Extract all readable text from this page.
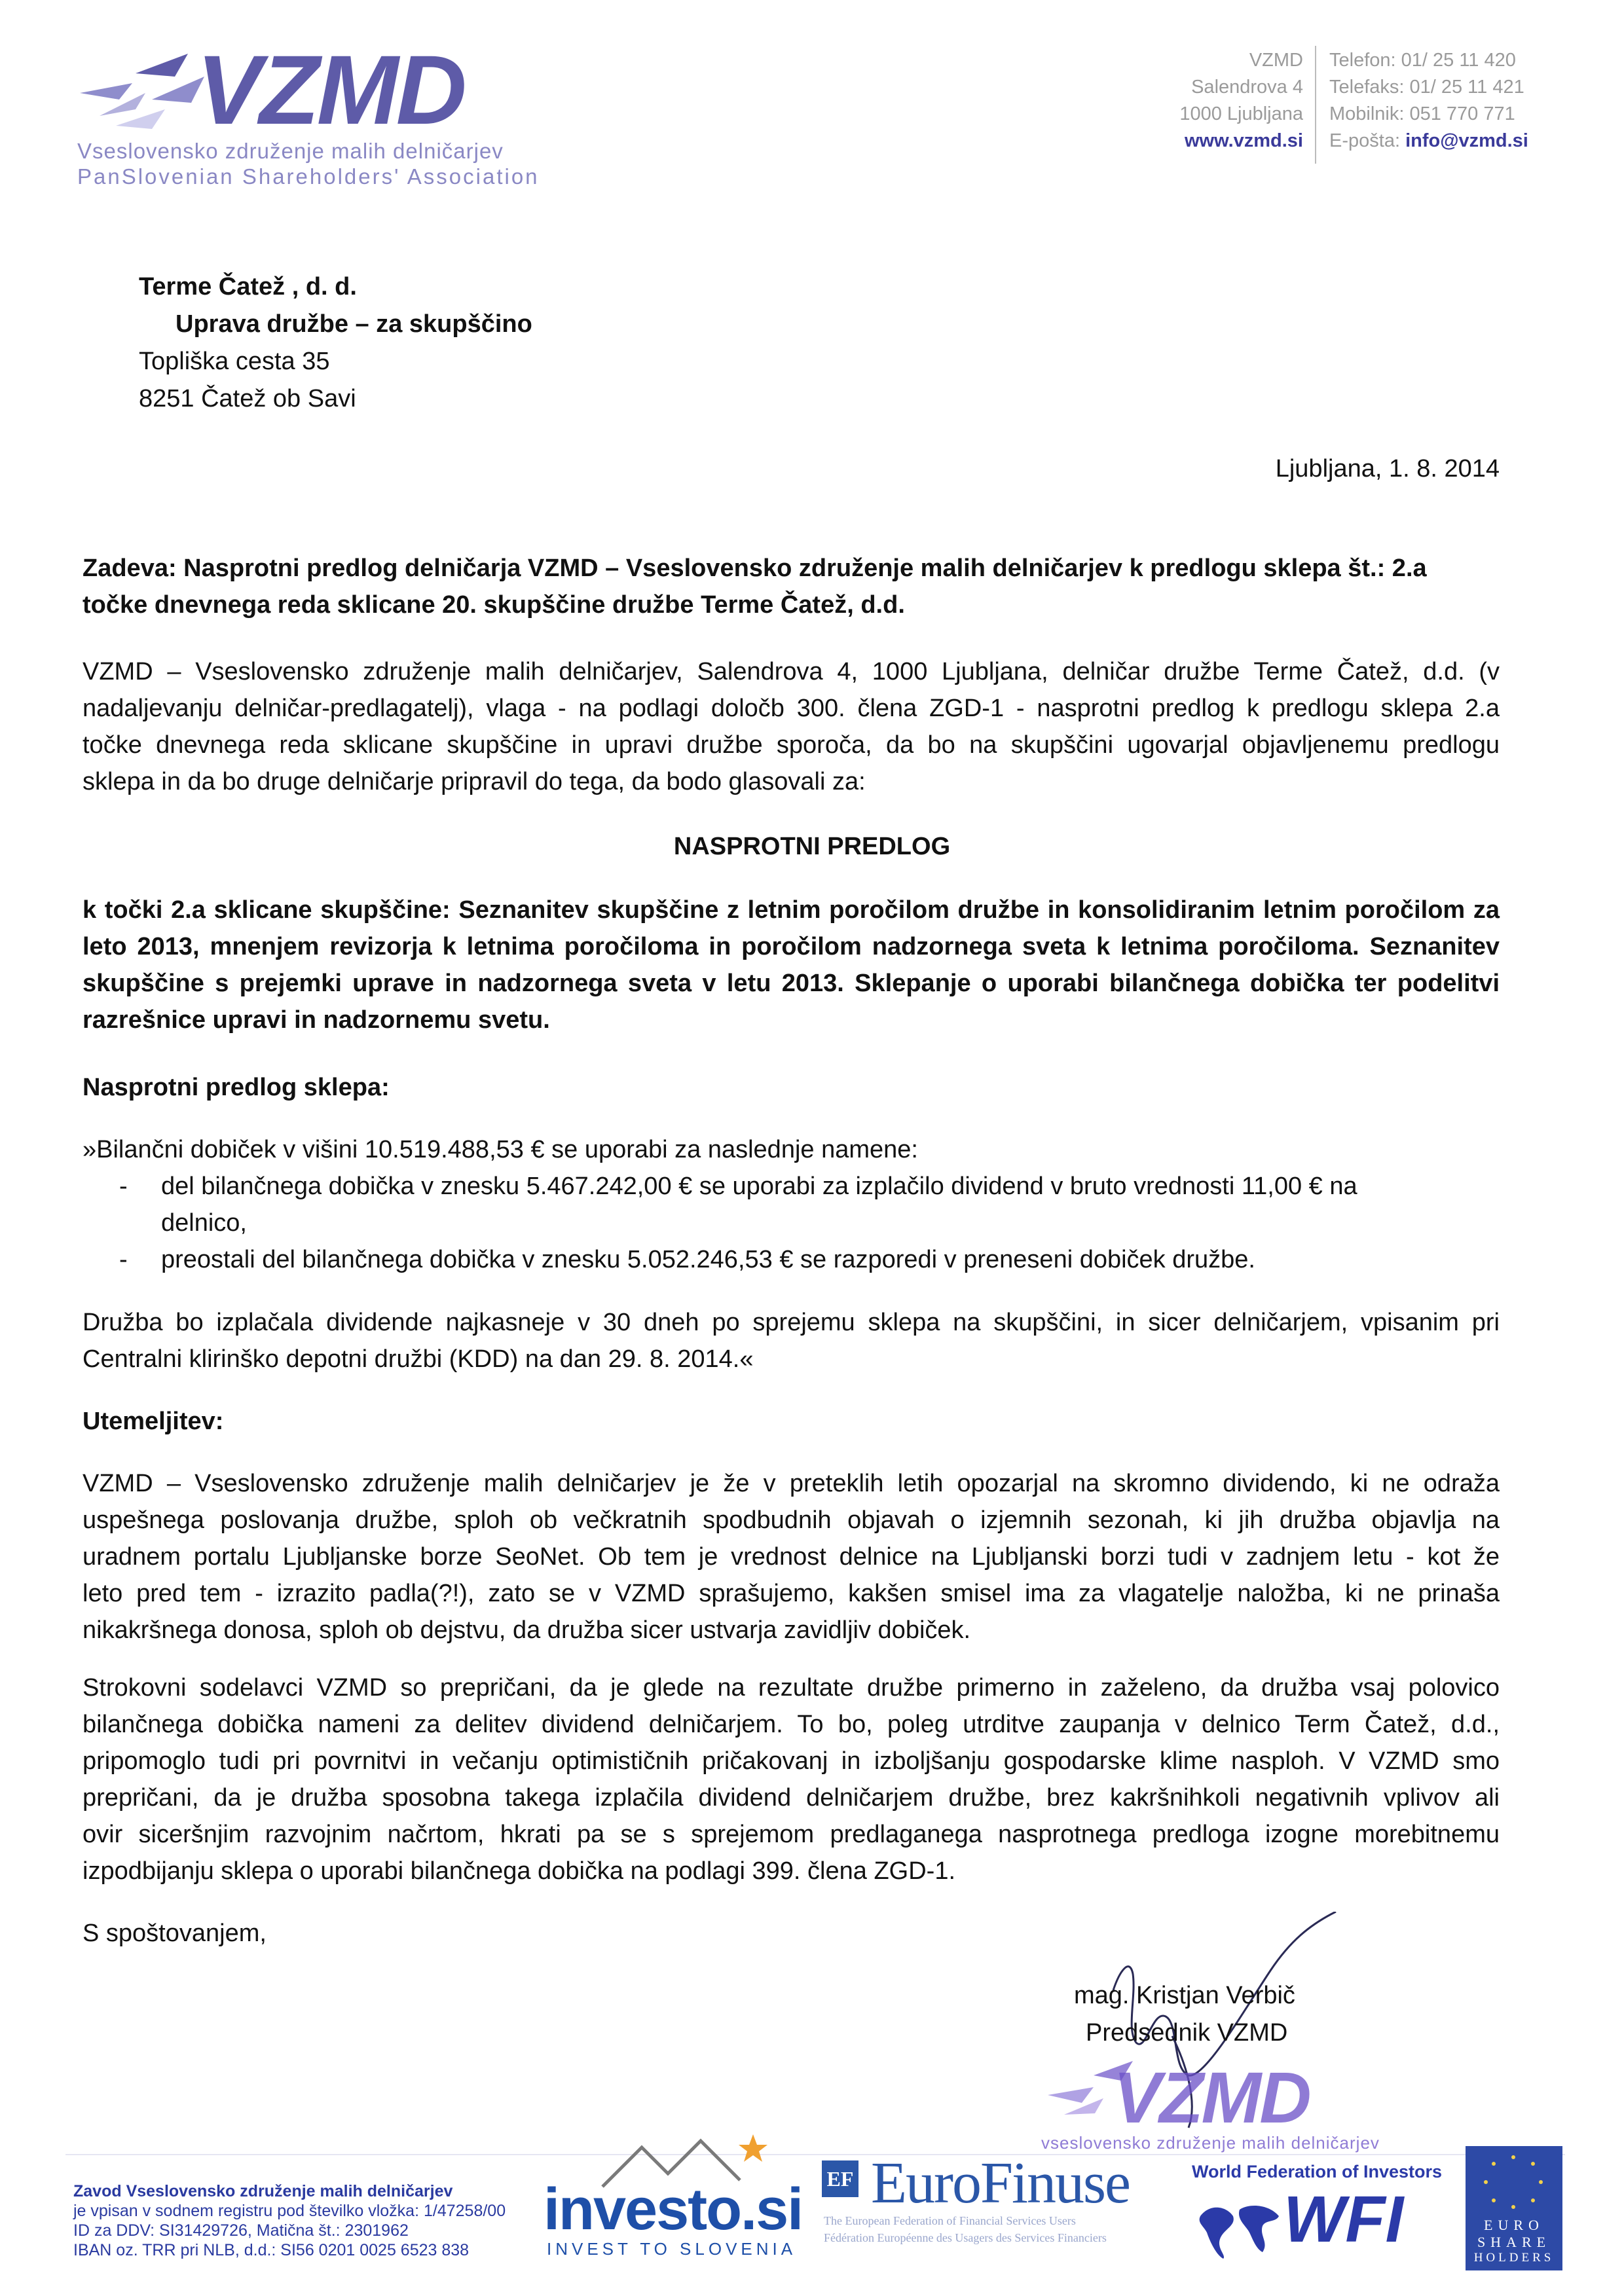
VZMD
Vseslovensko združenje malih delničarjev
PanSlovenian Shareholders' Association
VZMD
Salendrova 4
1000 Ljubljana
www.vzmd.si
Telefon: 01/ 25 11 420
Telefaks: 01/ 25 11 421
Mobilnik: 051 770 771
E-pošta: info@vzmd.si
Terme Čatež , d. d.
Uprava družbe – za skupščino
Topliška cesta 35
8251 Čatež ob Savi
Ljubljana, 1. 8. 2014
Zadeva: Nasprotni predlog delničarja VZMD – Vseslovensko združenje malih delničarjev k predlogu sklepa št.: 2.a
točke dnevnega reda sklicane 20. skupščine družbe Terme Čatež, d.d.
VZMD – Vseslovensko združenje malih delničarjev, Salendrova 4, 1000 Ljubljana, delničar družbe Terme Čatež, d.d. (v
nadaljevanju delničar-predlagatelj), vlaga - na podlagi določb 300. člena ZGD-1 - nasprotni predlog k predlogu sklepa 2.a
točke dnevnega reda sklicane skupščine in upravi družbe sporoča, da bo na skupščini ugovarjal objavljenemu predlogu
sklepa in da bo druge delničarje pripravil do tega, da bodo glasovali za:
NASPROTNI PREDLOG
k točki 2.a sklicane skupščine: Seznanitev skupščine z letnim poročilom družbe in konsolidiranim letnim poročilom za
leto 2013, mnenjem revizorja k letnima poročiloma in poročilom nadzornega sveta k letnima poročiloma. Seznanitev
skupščine s prejemki uprave in nadzornega sveta v letu 2013. Sklepanje o uporabi bilančnega dobička ter podelitvi
razrešnice upravi in nadzornemu svetu.
Nasprotni predlog sklepa:
»Bilančni dobiček v višini 10.519.488,53 € se uporabi za naslednje namene:
- del bilančnega dobička v znesku 5.467.242,00 € se uporabi za izplačilo dividend v bruto vrednosti 11,00 € na
delnico,
- preostali del bilančnega dobička v znesku 5.052.246,53 € se razporedi v preneseni dobiček družbe.
Družba bo izplačala dividende najkasneje v 30 dneh po sprejemu sklepa na skupščini, in sicer delničarjem, vpisanim pri
Centralni klirinško depotni družbi (KDD) na dan 29. 8. 2014.«
Utemeljitev:
VZMD – Vseslovensko združenje malih delničarjev je že v preteklih letih opozarjal na skromno dividendo, ki ne odraža
uspešnega poslovanja družbe, sploh ob večkratnih spodbudnih objavah o izjemnih sezonah, ki jih družba objavlja na
uradnem portalu Ljubljanske borze SeoNet. Ob tem je vrednost delnice na Ljubljanski borzi tudi v zadnjem letu - kot že
leto pred tem - izrazito padla(?!), zato se v VZMD sprašujemo, kakšen smisel ima za vlagatelje naložba, ki ne prinaša
nikakršnega donosa, sploh ob dejstvu, da družba sicer ustvarja zavidljiv dobiček.
Strokovni sodelavci VZMD so prepričani, da je glede na rezultate družbe primerno in zaželeno, da družba vsaj polovico
bilančnega dobička nameni za delitev dividend delničarjem. To bo, poleg utrditve zaupanja v delnico Term Čatež, d.d.,
pripomoglo tudi pri povrnitvi in večanju optimističnih pričakovanj in izboljšanju gospodarske klime nasploh. V VZMD smo
prepričani, da je družba sposobna takega izplačila dividend delničarjem družbe, brez kakršnihkoli negativnih vplivov ali
ovir siceršnjim razvojnim načrtom, hkrati pa se s sprejemom predlaganega nasprotnega predloga izogne morebitnemu
izpodbijanju sklepa o uporabi bilančnega dobička na podlagi 399. člena ZGD-1.
S spoštovanjem,
mag. Kristjan Verbič
Predsednik VZMD
VZMD
vseslovensko združenje malih delničarjev
Zavod Vseslovensko združenje malih delničarjev
je vpisan v sodnem registru pod številko vložka: 1/47258/00
ID za DDV: SI31429726, Matična št.: 2301962
IBAN oz. TRR pri NLB, d.d.: SI56 0201 0025 6523 838
investo.si
INVEST TO SLOVENIA
EF EuroFinuse
The European Federation of Financial Services Users
Fédération Européenne des Usagers des Services Financiers
World Federation of Investors
WFI	EURO
SHARE
HOLDERS
